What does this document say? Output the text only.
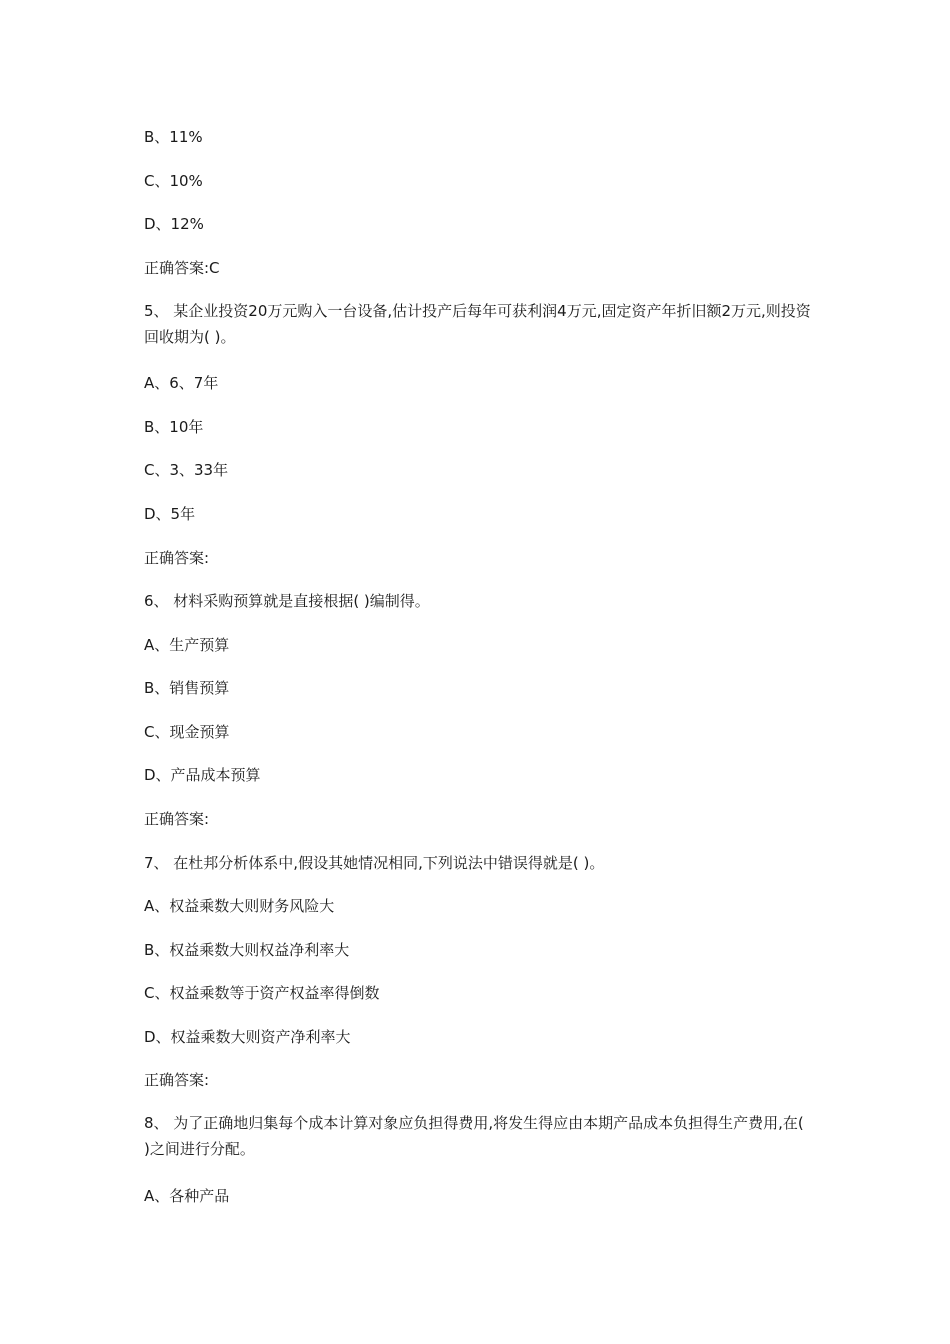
B、11%
C、10%
D、12%
正确答案:C
5、 某企业投资20万元购入一台设备,估计投产后每年可获利润4万元,固定资产年折旧额2万元,则投资回收期为( )。
A、6、7年
B、10年
C、3、33年
D、5年
正确答案:
6、 材料采购预算就是直接根据( )编制得。
A、生产预算
B、销售预算
C、现金预算
D、产品成本预算
正确答案:
7、 在杜邦分析体系中,假设其她情况相同,下列说法中错误得就是( )。
A、权益乘数大则财务风险大
B、权益乘数大则权益净利率大
C、权益乘数等于资产权益率得倒数
D、权益乘数大则资产净利率大
正确答案:
8、 为了正确地归集每个成本计算对象应负担得费用,将发生得应由本期产品成本负担得生产费用,在( )之间进行分配。
A、各种产品
